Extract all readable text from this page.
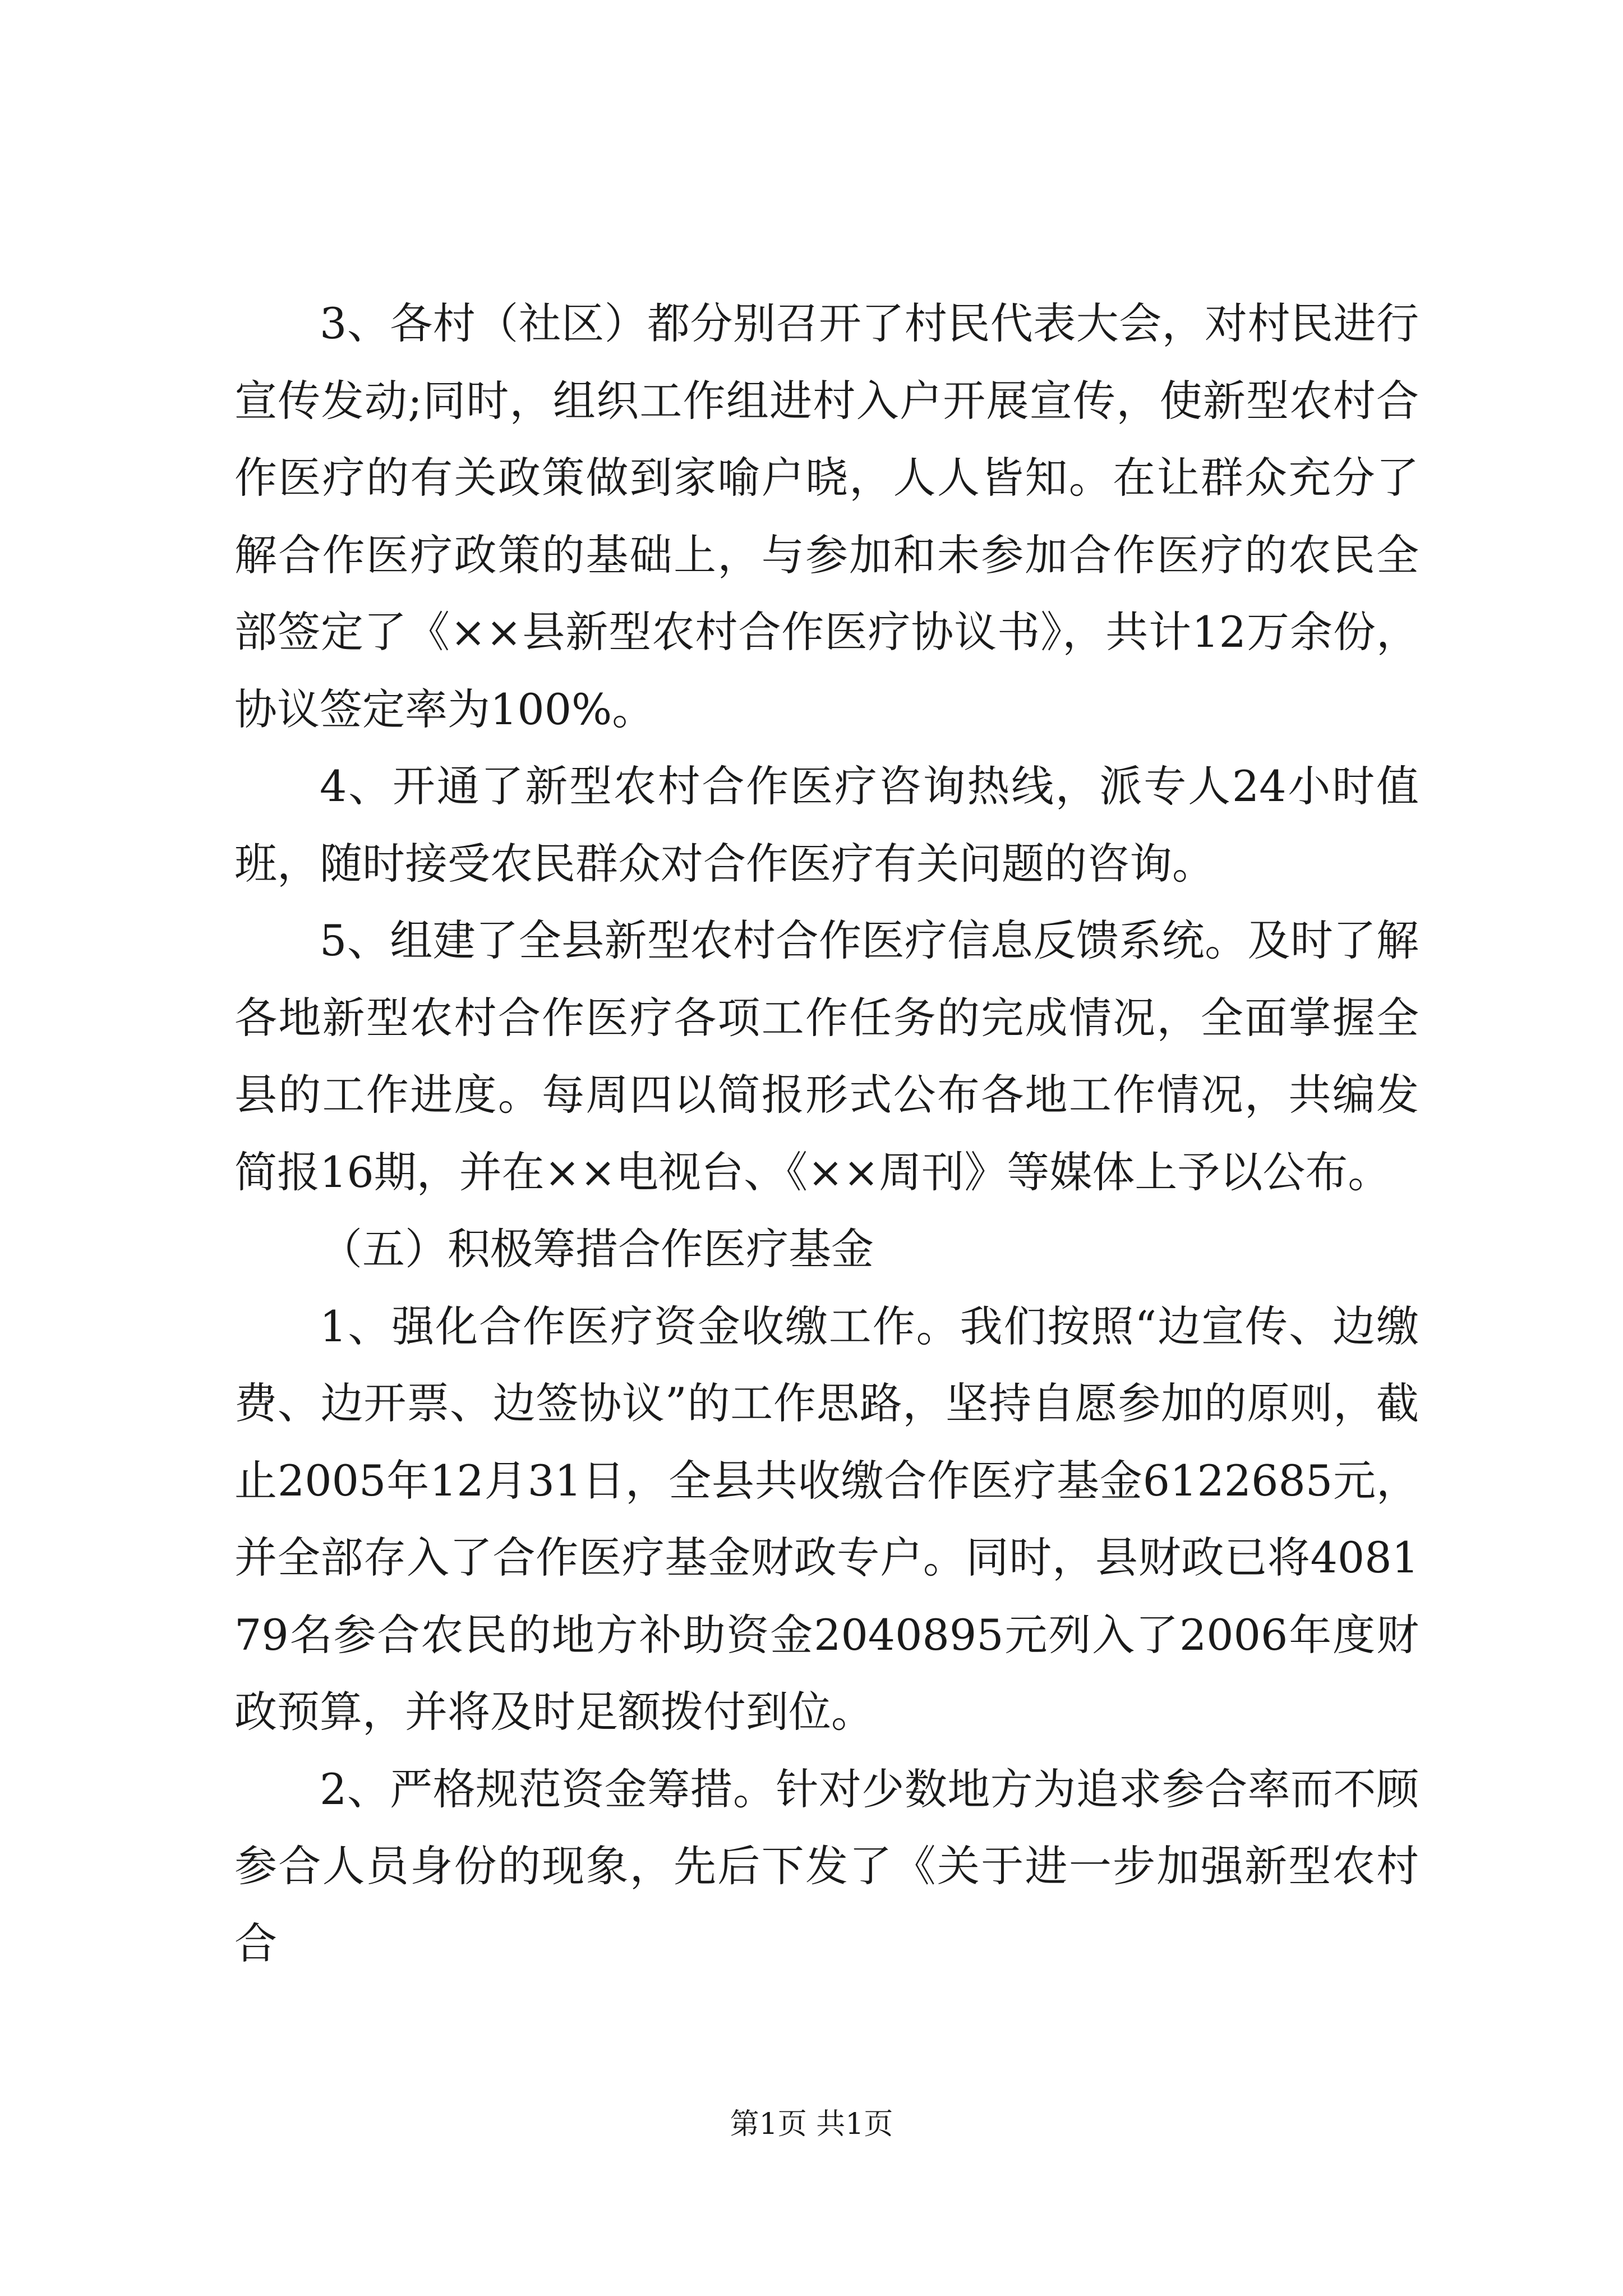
3、各村（社区）都分别召开了村民代表大会，对村民进行宣传发动;同时，组织工作组进村入户开展宣传，使新型农村合作医疗的有关政策做到家喻户晓，人人皆知。在让群众充分了解合作医疗政策的基础上，与参加和未参加合作医疗的农民全部签定了《××县新型农村合作医疗协议书》，共计12万余份，协议签定率为100%。

4、开通了新型农村合作医疗咨询热线，派专人24小时值班，随时接受农民群众对合作医疗有关问题的咨询。

5、组建了全县新型农村合作医疗信息反馈系统。及时了解各地新型农村合作医疗各项工作任务的完成情况，全面掌握全县的工作进度。每周四以简报形式公布各地工作情况，共编发简报16期，并在××电视台、《××周刊》等媒体上予以公布。

（五）积极筹措合作医疗基金

1、强化合作医疗资金收缴工作。我们按照“边宣传、边缴费、边开票、边签协议”的工作思路，坚持自愿参加的原则，截止2005年12月31日，全县共收缴合作医疗基金6122685元，并全部存入了合作医疗基金财政专户。同时，县财政已将408179名参合农民的地方补助资金2040895元列入了2006年度财政预算，并将及时足额拨付到位。

2、严格规范资金筹措。针对少数地方为追求参合率而不顾参合人员身份的现象，先后下发了《关于进一步加强新型农村合

第1页 共1页
